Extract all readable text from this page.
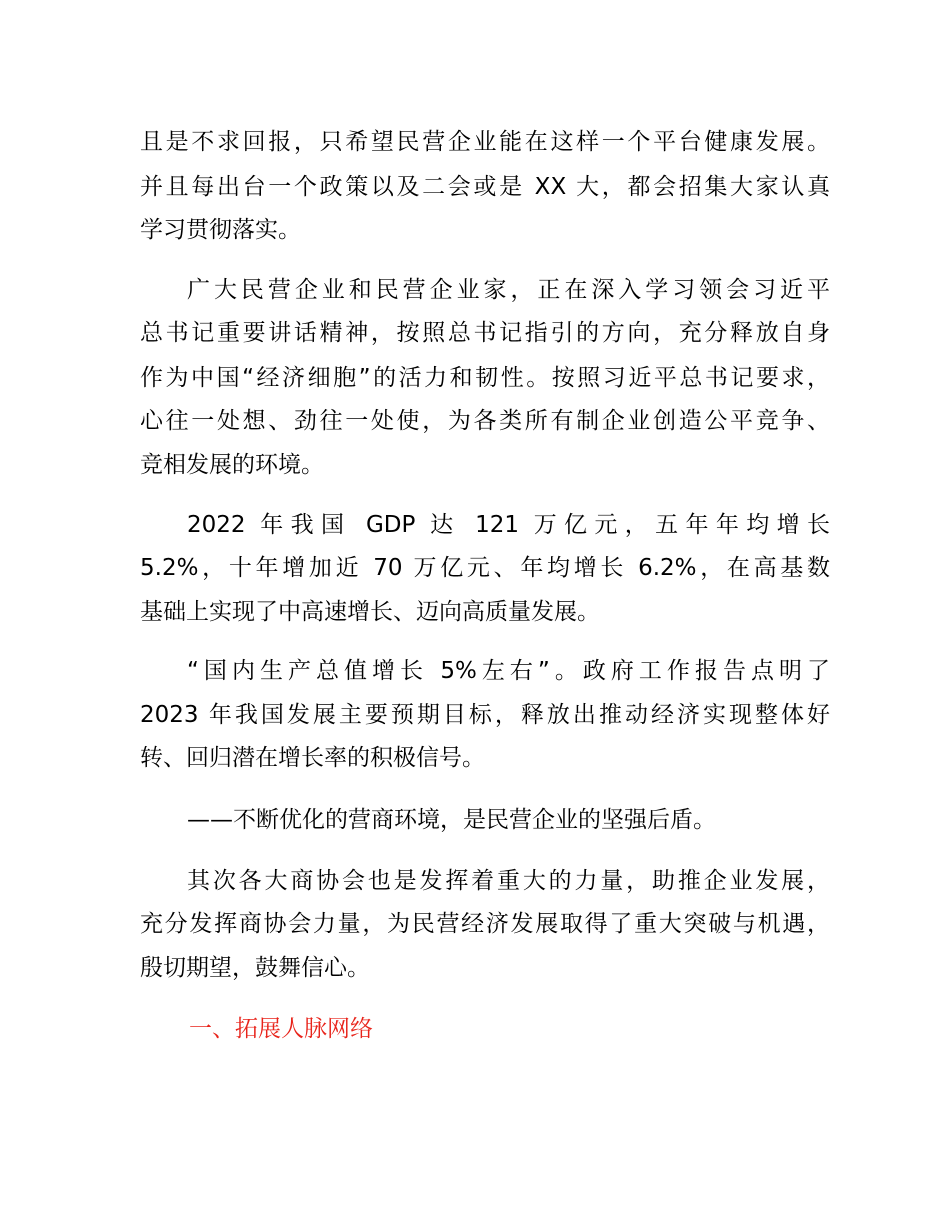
且是不求回报，只希望民营企业能在这样一个平台健康发展。

并且每出台一个政策以及二会或是 XX 大，都会招集大家认真

学习贯彻落实。

广大民营企业和民营企业家，正在深入学习领会习近平

总书记重要讲话精神，按照总书记指引的方向，充分释放自身

作为中国“经济细胞”的活力和韧性。按照习近平总书记要求，

心往一处想、劲往一处使，为各类所有制企业创造公平竞争、

竞相发展的环境。

2022 年我国 GDP 达 121 万亿元，五年年均增长

5.2%，十年增加近 70 万亿元、年均增长 6.2%，在高基数

基础上实现了中高速增长、迈向高质量发展。

“国内生产总值增长 5%左右”。政府工作报告点明了

2023 年我国发展主要预期目标，释放出推动经济实现整体好

转、回归潜在增长率的积极信号。

——不断优化的营商环境，是民营企业的坚强后盾。

其次各大商协会也是发挥着重大的力量，助推企业发展，

充分发挥商协会力量，为民营经济发展取得了重大突破与机遇，

殷切期望，鼓舞信心。

一、拓展人脉网络
